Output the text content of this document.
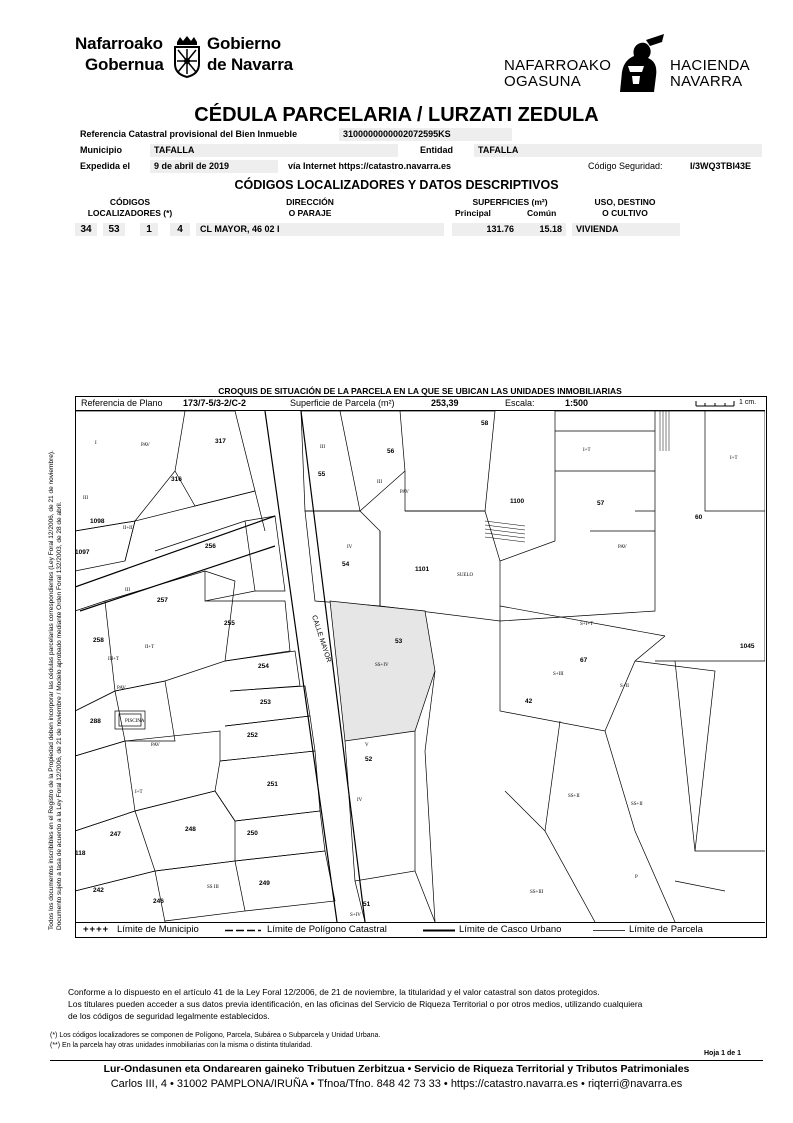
Nafarroako	Gobierno
Gobernua	de Navarra	NAFARROAKO
OGASUNA
HACIENDA
NAVARRA
CÉDULA PARCELARIA / LURZATI ZEDULA
Referencia Catastral provisional del Bien Inmueble	3100000000002072595KS
Municipio	TAFALLA	Entidad	TAFALLA
Expedida el	9 de abril de 2019	vía Internet https://catastro.navarra.es	Código Seguridad:	I/3WQ3TBI43E
CÓDIGOS LOCALIZADORES Y DATOS DESCRIPTIVOS
CÓDIGOS
LOCALIZADORES (*)
DIRECCIÓN
O PARAJE
SUPERFICIES (m²)
Principal	Común
USO, DESTINO
O CULTIVO
34	53	1	4	CL MAYOR, 46 02 I	131.76	15.18	VIVIENDA
CROQUIS DE SITUACIÓN DE LA PARCELA EN LA QUE SE UBICAN LAS UNIDADES INMOBILIARIAS
Referencia de Plano 173/7-5/3-2/C-2	Superficie de Parcela (m²)	253,39	Escala:	1:500	1 cm.
317
316
1098
1097
256
257
258
255
254
253
252
251
250
249
248
247
246
242
288
118
55
56
58
54
53
52
51
1100
1101
60
67
1045
42
57
PAV
I
III
II+II
III
III+T
PAV
II+T
PISCINA
PAV
SS+IV
III
III
PAV
IV
SUELO
V
IV
S+IV
I+T
I+T
PAV
S+I+T
S+III
S+II
SS+II
SS+II
SS+III
P
SS III
I+T
CALLE MAYOR
++++ Límite de Municipio	Límite de Polígono Catastral	Límite de Casco Urbano	Límite de Parcela
Todos los documentos inscribibles en el Registro de la Propiedad deben incorporar las cédulas parcelarias correspondientes (Ley Foral 12/2006, de 21 de noviembre). Documento sujeto a tasa de acuerdo a la Ley Foral 12/2006, de 21 de noviembre / Modelo aprobado mediante Orden Foral 132/2003, de 28 de abril.
Conforme a lo dispuesto en el artículo 41 de la Ley Foral 12/2006, de 21 de noviembre, la titularidad y el valor catastral son datos protegidos.
Los titulares pueden acceder a sus datos previa identificación, en las oficinas del Servicio de Riqueza Territorial o por otros medios, utilizando cualquiera
de los códigos de seguridad legalmente establecidos.
(*) Los códigos localizadores se componen de Polígono, Parcela, Subárea o Subparcela y Unidad Urbana.
(**) En la parcela hay otras unidades inmobiliarias con la misma o distinta titularidad.
Hoja 1 de 1
Lur-Ondasunen eta Ondarearen gaineko Tributuen Zerbitzua • Servicio de Riqueza Territorial y Tributos Patrimoniales
Carlos III, 4 • 31002 PAMPLONA/IRUÑA • Tfnoa/Tfno. 848 42 73 33 • https://catastro.navarra.es • riqterri@navarra.es
